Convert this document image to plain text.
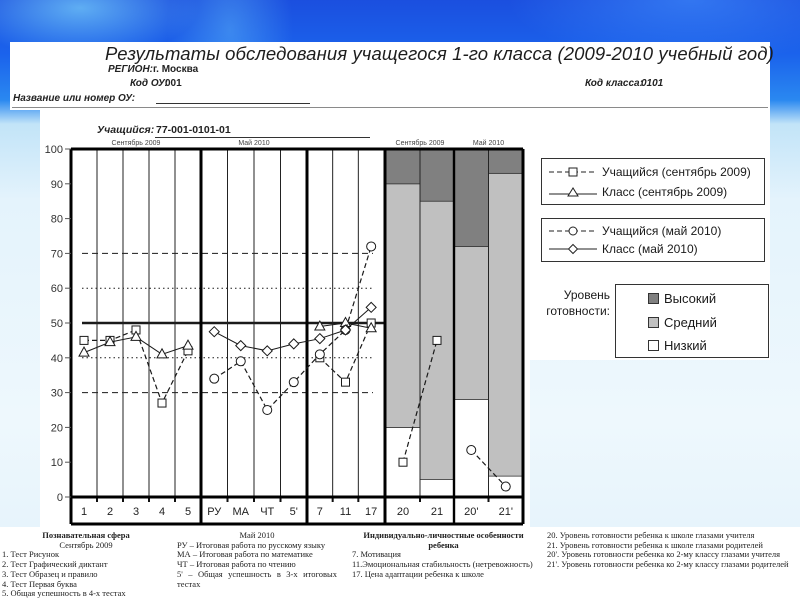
Результаты обследования учащегося 1-го класса (2009-2010 учебный год)
РЕГИОН: г. Москва
Код ОУ:
001	Код класса:
0101
Название или номер ОУ:
Учащийся: 77-001-0101-01
0
10
20
30
40
50
60
70
80
90
100
1 2 3 4 5 РУ МА ЧТ 5' 7 11 17 20 21 20' 21'
Сентябрь 2009	Май 2010	Сентябрь 2009	Май 2010
Учащийся (сентябрь 2009)
Класс (сентябрь 2009)
Учащийся (май 2010)
Класс (май 2010)
Уровень
готовности:
Высокий
Средний
Низкий
Познавательная сфера
Сентябрь 2009
1. Тест Рисунок
2. Тест Графический диктант
3. Тест Образец и правило
4. Тест Первая буква
5. Общая успешность в 4-х тестах
Май 2010
РУ – Итоговая работа по русскому языку
МА – Итоговая работа по математике
ЧТ – Итоговая работа по чтению
5' – Общая успешность в 3-х итоговых тестах
Индивидуально-личностные особенности ребенка
7. Мотивация
11.Эмоциональная стабильность (нетревожность)
17. Цена адаптации ребенка к школе
20. Уровень готовности ребенка к школе глазами учителя
21. Уровень готовности ребенка к школе глазами родителей
20'. Уровень готовности ребенка ко 2-му классу глазами учителя
21'. Уровень готовности ребенка ко 2-му классу глазами родителей
